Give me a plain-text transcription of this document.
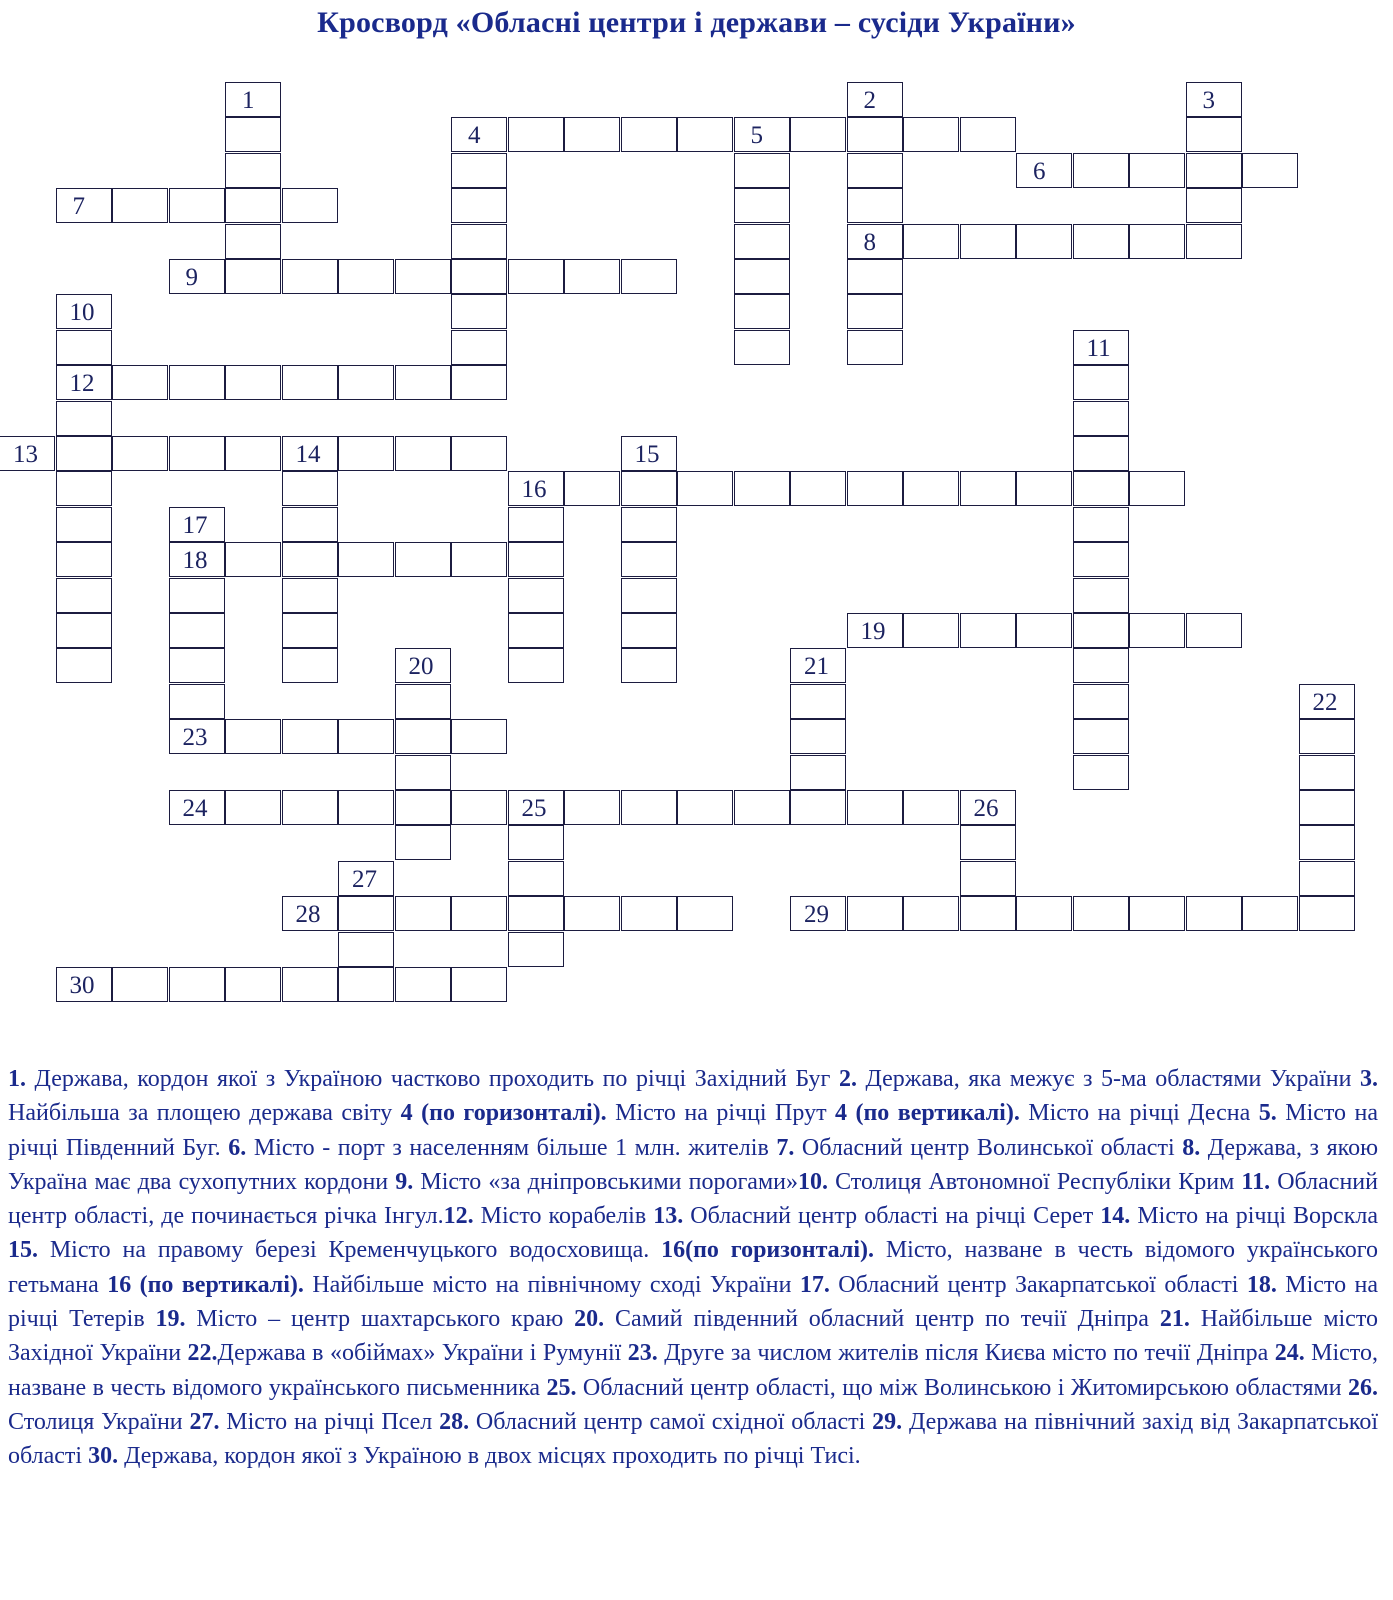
Кросворд «Обласні центри і держави – сусіди України»
1	2	3
4	5
6
7
8
9
10
11
12
13	14	15
16
17
18
19
20	21
22
23
24	25	26
27
28	29
30
1. Держава, кордон якої з Україною частково проходить по річці Західний Буг 2. Держава, яка межує з 5-ма областями України 3. Найбільша за площею держава світу 4 (по горизонталі). Місто на річці Прут 4 (по вертикалі). Місто на річці Десна 5. Місто на річці Південний Буг. 6. Місто - порт з населенням більше 1 млн. жителів 7. Обласний центр Волинської області 8. Держава, з якою Україна має два сухопутних кордони 9. Місто «за дніпровськими порогами»10. Столиця Автономної Республіки Крим 11. Обласний центр області, де починається річка Інгул.12. Місто корабелів 13. Обласний центр області на річці Серет 14. Місто на річці Ворскла 15. Місто на правому березі Кременчуцького водосховища. 16(по горизонталі). Місто, назване в честь відомого українського гетьмана 16 (по вертикалі). Найбільше місто на північному сході України 17. Обласний центр Закарпатської області 18. Місто на річці Тетерів 19. Місто – центр шахтарського краю 20. Самий південний обласний центр по течії Дніпра 21. Найбільше місто Західної України 22.Держава в «обіймах» України і Румунії 23. Друге за числом жителів після Києва місто по течії Дніпра 24. Місто, назване в честь відомого українського письменника 25. Обласний центр області, що між Волинською і Житомирською областями 26. Столиця України 27. Місто на річці Псел 28. Обласний центр самої східної області 29. Держава на північний захід від Закарпатської області 30. Держава, кордон якої з Україною в двох місцях проходить по річці Тисі.
